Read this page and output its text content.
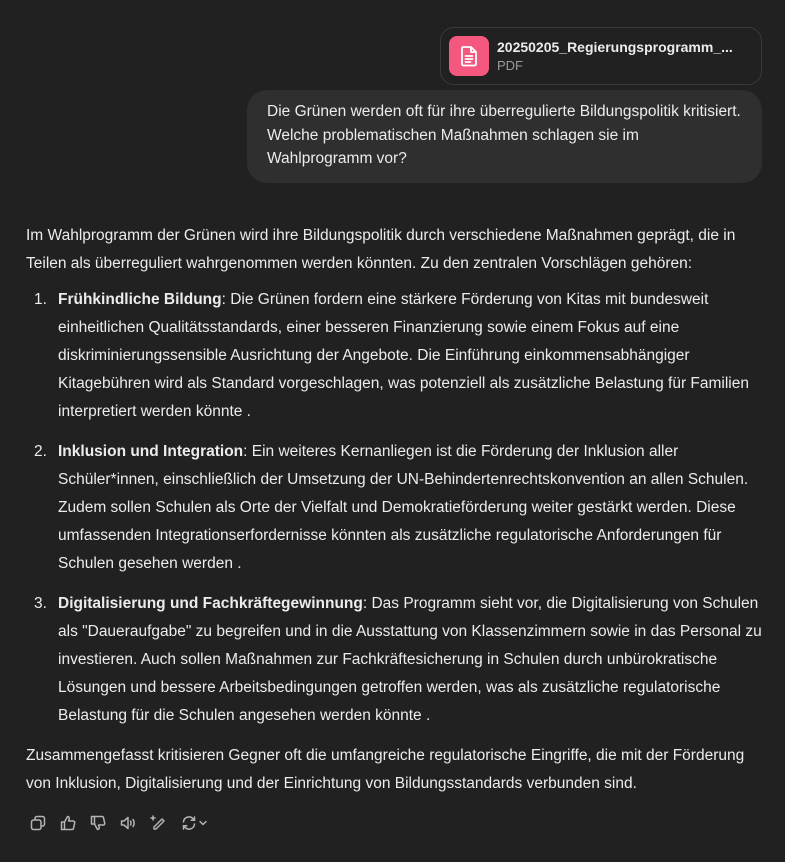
20250205_Regierungsprogramm_...
PDF
Die Grünen werden oft für ihre überregulierte Bildungspolitik kritisiert. Welche problematischen Maßnahmen schlagen sie im Wahlprogramm vor?

Im Wahlprogramm der Grünen wird ihre Bildungspolitik durch verschiedene Maßnahmen geprägt, die in Teilen als überreguliert wahrgenommen werden könnten. Zu den zentralen Vorschlägen gehören:

1. Frühkindliche Bildung: Die Grünen fordern eine stärkere Förderung von Kitas mit bundesweit einheitlichen Qualitätsstandards, einer besseren Finanzierung sowie einem Fokus auf eine diskriminierungssensible Ausrichtung der Angebote. Die Einführung einkommensabhängiger Kitagebühren wird als Standard vorgeschlagen, was potenziell als zusätzliche Belastung für Familien interpretiert werden könnte .
2. Inklusion und Integration: Ein weiteres Kernanliegen ist die Förderung der Inklusion aller Schüler*innen, einschließlich der Umsetzung der UN-Behindertenrechtskonvention an allen Schulen. Zudem sollen Schulen als Orte der Vielfalt und Demokratieförderung weiter gestärkt werden. Diese umfassenden Integrationserfordernisse könnten als zusätzliche regulatorische Anforderungen für Schulen gesehen werden .
3. Digitalisierung und Fachkräftegewinnung: Das Programm sieht vor, die Digitalisierung von Schulen als "Daueraufgabe" zu begreifen und in die Ausstattung von Klassenzimmern sowie in das Personal zu investieren. Auch sollen Maßnahmen zur Fachkräftesicherung in Schulen durch unbürokratische Lösungen und bessere Arbeitsbedingungen getroffen werden, was als zusätzliche regulatorische Belastung für die Schulen angesehen werden könnte .

Zusammengefasst kritisieren Gegner oft die umfangreiche regulatorische Eingriffe, die mit der Förderung von Inklusion, Digitalisierung und der Einrichtung von Bildungsstandards verbunden sind.
